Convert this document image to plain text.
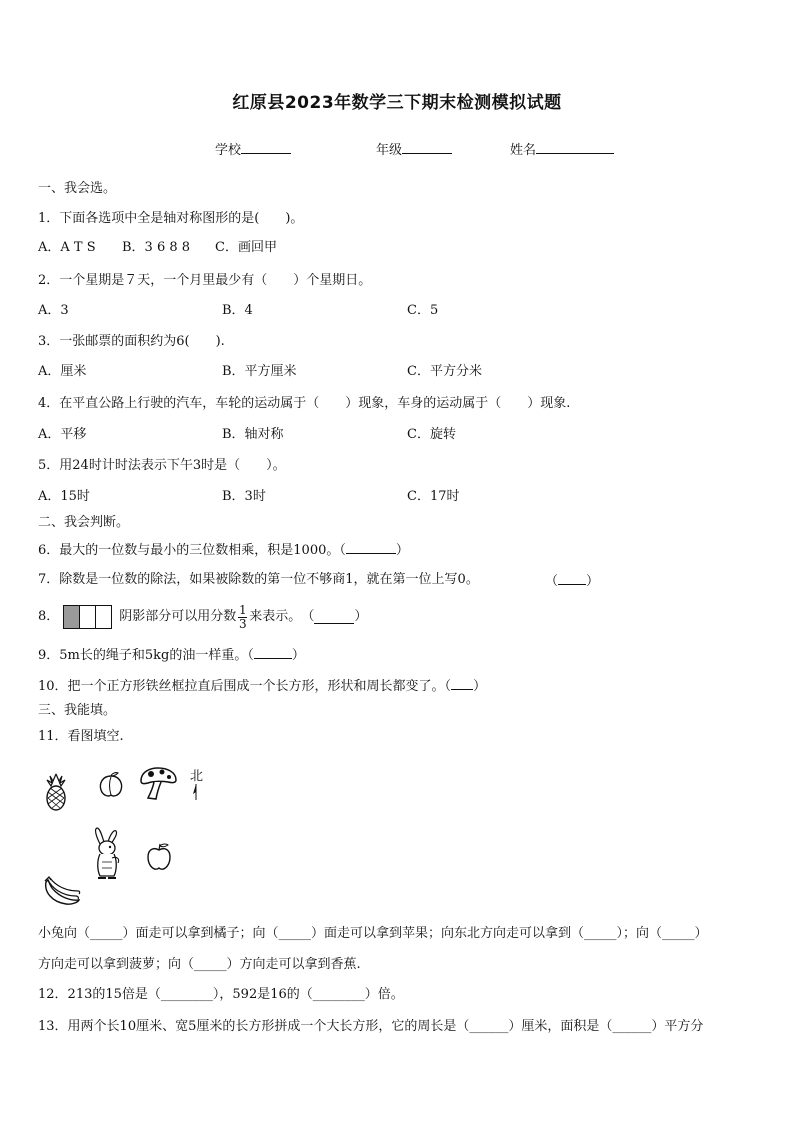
红原县2023年数学三下期末检测模拟试题
学校	年级	姓名
一、我会选。
1．下面各选项中全是轴对称图形的是(　　)。
A．A T S B．3 6 8 8 C．画回甲
2．一个星期是７天，一个月里最少有（　　）个星期日。
A．3	B．4	C．5
3．一张邮票的面积约为6(　　).
A．厘米	B．平方厘米	C．平方分米
4．在平直公路上行驶的汽车，车轮的运动属于（　　）现象，车身的运动属于（　　）现象.
A．平移	B．轴对称	C．旋转
5．用24时计时法表示下午3时是（　　）。
A．15时	B．3时	C．17时
二、我会判断。
6．最大的一位数与最小的三位数相乘，积是1000。（	）
7．除数是一位数的除法，如果被除数的第一位不够商1，就在第一位上写0。	（ ）
8．	阴影部分可以用分数 $\frac{1}{3}$ 来表示。 （	）
9．5m长的绳子和5kg的油一样重。（	）
10．把一个正方形铁丝框拉直后围成一个长方形，形状和周长都变了。（ ）
三、我能填。
11．看图填空.
北
小兔向（_____）面走可以拿到橘子；向（_____）面走可以拿到苹果；向东北方向走可以拿到（_____）；向（_____）
方向走可以拿到菠萝；向（_____）方向走可以拿到香蕉.
12．213的15倍是（________），592是16的（________）倍。
13．用两个长10厘米、宽5厘米的长方形拼成一个大长方形，它的周长是（______）厘米，面积是（______）平方分
